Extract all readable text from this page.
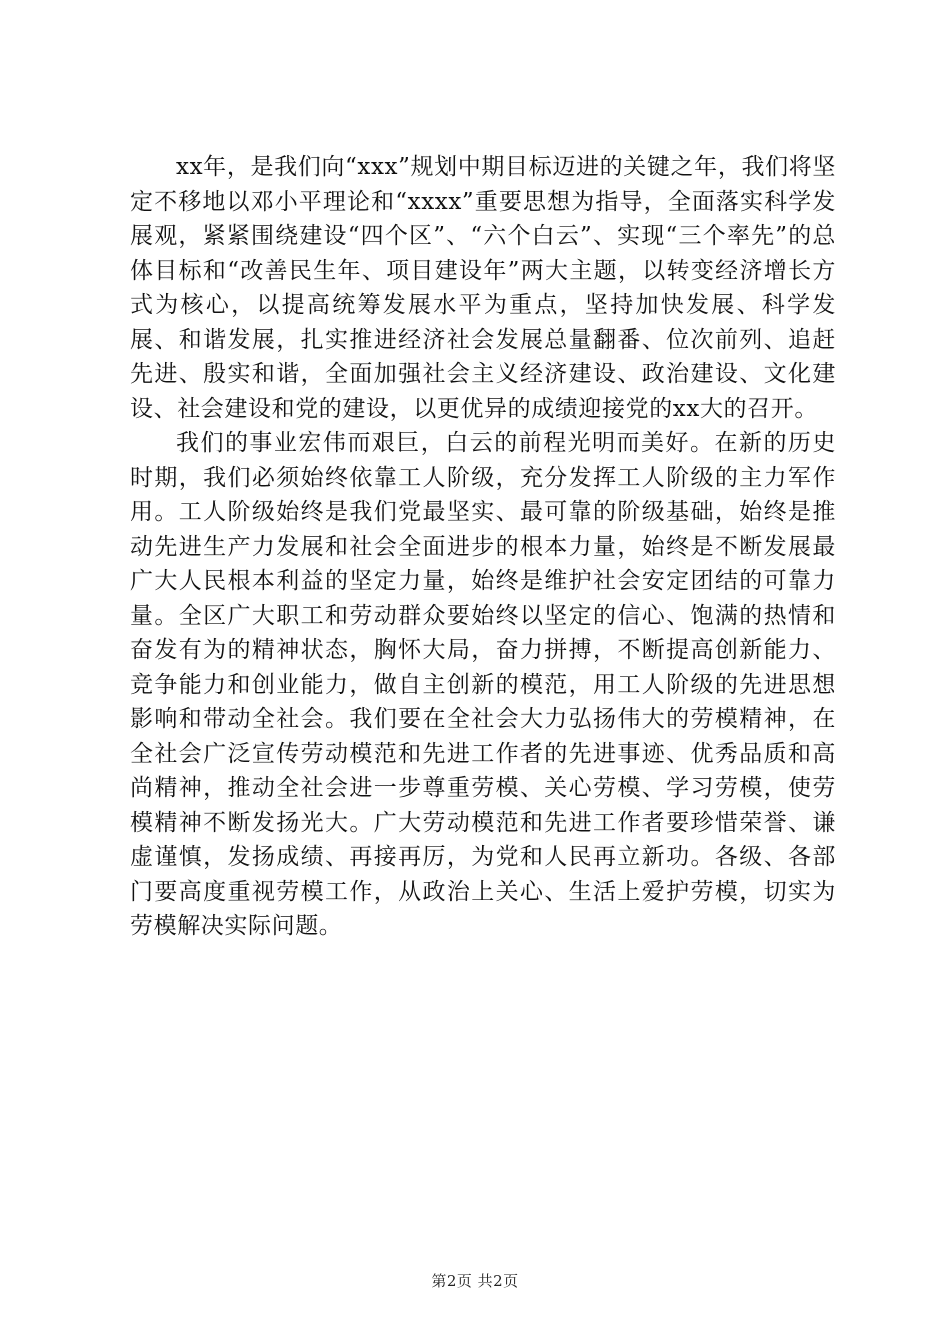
xx年，是我们向“xxx”规划中期目标迈进的关键之年，我们将坚定不移地以邓小平理论和“xxxx”重要思想为指导，全面落实科学发展观，紧紧围绕建设“四个区”、“六个白云”、实现“三个率先”的总体目标和“改善民生年、项目建设年”两大主题，以转变经济增长方式为核心，以提高统筹发展水平为重点，坚持加快发展、科学发展、和谐发展，扎实推进经济社会发展总量翻番、位次前列、追赶先进、殷实和谐，全面加强社会主义经济建设、政治建设、文化建设、社会建设和党的建设，以更优异的成绩迎接党的xx大的召开。

我们的事业宏伟而艰巨，白云的前程光明而美好。在新的历史时期，我们必须始终依靠工人阶级，充分发挥工人阶级的主力军作用。工人阶级始终是我们党最坚实、最可靠的阶级基础，始终是推动先进生产力发展和社会全面进步的根本力量，始终是不断发展最广大人民根本利益的坚定力量，始终是维护社会安定团结的可靠力量。全区广大职工和劳动群众要始终以坚定的信心、饱满的热情和奋发有为的精神状态，胸怀大局，奋力拼搏，不断提高创新能力、竞争能力和创业能力，做自主创新的模范，用工人阶级的先进思想影响和带动全社会。我们要在全社会大力弘扬伟大的劳模精神，在全社会广泛宣传劳动模范和先进工作者的先进事迹、优秀品质和高尚精神，推动全社会进一步尊重劳模、关心劳模、学习劳模，使劳模精神不断发扬光大。广大劳动模范和先进工作者要珍惜荣誉、谦虚谨慎，发扬成绩、再接再厉，为党和人民再立新功。各级、各部门要高度重视劳模工作，从政治上关心、生活上爱护劳模，切实为劳模解决实际问题。

第2页 共2页
